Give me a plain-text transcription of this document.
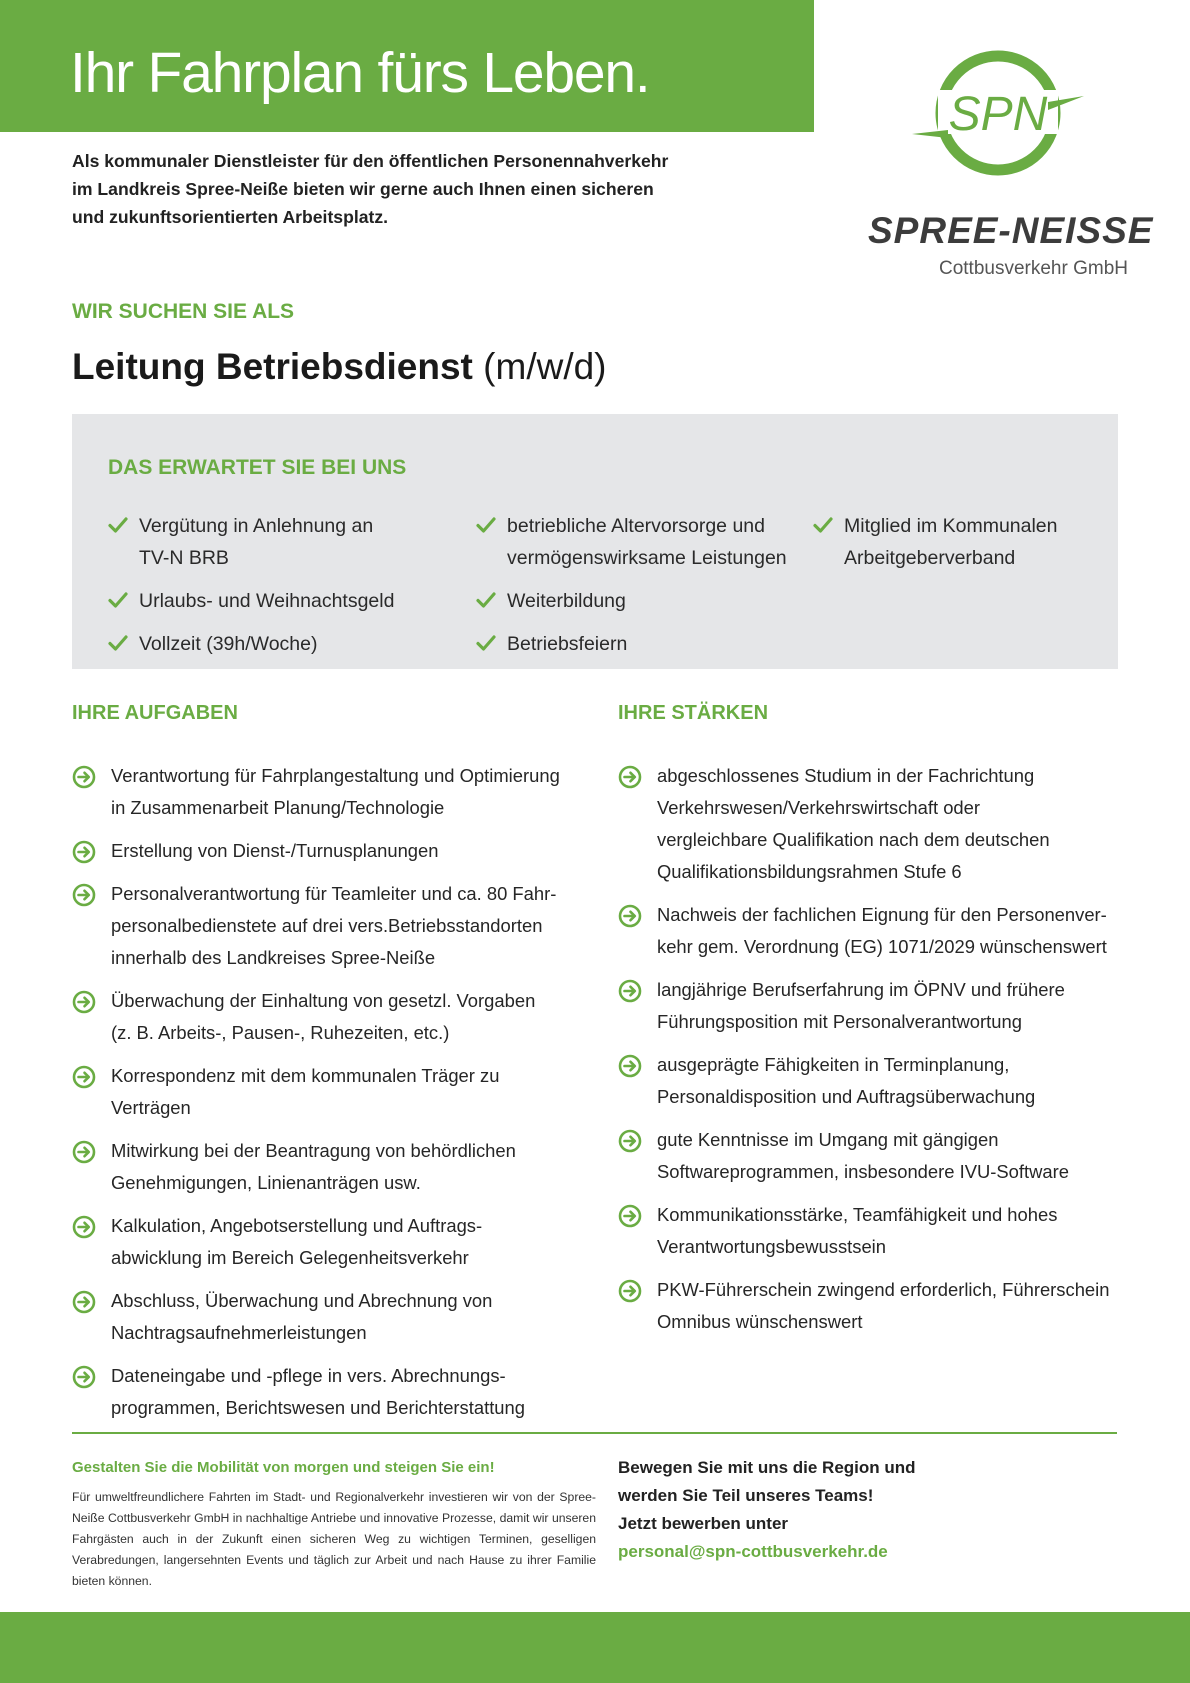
Ihr Fahrplan fürs Leben.
Als kommunaler Dienstleister für den öffentlichen Personennahverkehr
im Landkreis Spree-Neiße bieten wir gerne auch Ihnen einen sicheren
und zukunftsorientierten Arbeitsplatz.
SPN
SPREE-NEISSE
Cottbusverkehr GmbH
WIR SUCHEN SIE ALS
Leitung Betriebsdienst (m/w/d)
DAS ERWARTET SIE BEI UNS
Vergütung in Anlehnung an
TV-N BRB
Urlaubs- und Weihnachtsgeld
Vollzeit (39h/Woche)
betriebliche Altervorsorge und
vermögenswirksame Leistungen
Weiterbildung
Betriebsfeiern
Mitglied im Kommunalen
Arbeitgeberverband
IHRE AUFGABEN	IHRE STÄRKEN
Verantwortung für Fahrplangestaltung und Optimierung
in Zusammenarbeit Planung/Technologie
Erstellung von Dienst-/Turnusplanungen
Personalverantwortung für Teamleiter und ca. 80 Fahr-
personalbedienstete auf drei vers.Betriebsstandorten
innerhalb des Landkreises Spree-Neiße
Überwachung der Einhaltung von gesetzl. Vorgaben
(z. B. Arbeits-, Pausen-, Ruhezeiten, etc.)
Korrespondenz mit dem kommunalen Träger zu
Verträgen
Mitwirkung bei der Beantragung von behördlichen
Genehmigungen, Linienanträgen usw.
Kalkulation, Angebotserstellung und Auftrags-
abwicklung im Bereich Gelegenheitsverkehr
Abschluss, Überwachung und Abrechnung von
Nachtragsaufnehmerleistungen
Dateneingabe und -pflege in vers. Abrechnungs-
programmen, Berichtswesen und Berichterstattung
abgeschlossenes Studium in der Fachrichtung
Verkehrswesen/Verkehrswirtschaft oder
vergleichbare Qualifikation nach dem deutschen
Qualifikationsbildungsrahmen Stufe 6
Nachweis der fachlichen Eignung für den Personenver-
kehr gem. Verordnung (EG) 1071/2029 wünschenswert
langjährige Berufserfahrung im ÖPNV und frühere
Führungsposition mit Personalverantwortung
ausgeprägte Fähigkeiten in Terminplanung,
Personaldisposition und Auftragsüberwachung
gute Kenntnisse im Umgang mit gängigen
Softwareprogrammen, insbesondere IVU-Software
Kommunikationsstärke, Teamfähigkeit und hohes
Verantwortungsbewusstsein
PKW-Führerschein zwingend erforderlich, Führerschein
Omnibus wünschenswert
Gestalten Sie die Mobilität von morgen und steigen Sie ein!
Für umweltfreundlichere Fahrten im Stadt- und Regionalverkehr investieren wir von der Spree-Neiße Cottbusverkehr GmbH in nachhaltige Antriebe und innovative Prozesse, damit wir unseren Fahrgästen auch in der Zukunft einen sicheren Weg zu wichtigen Terminen, geselligen Verabredungen, langersehnten Events und täglich zur Arbeit und nach Hause zu ihrer Familie bieten können.
Bewegen Sie mit uns die Region und
werden Sie Teil unseres Teams!
Jetzt bewerben unter
personal@spn-cottbusverkehr.de
